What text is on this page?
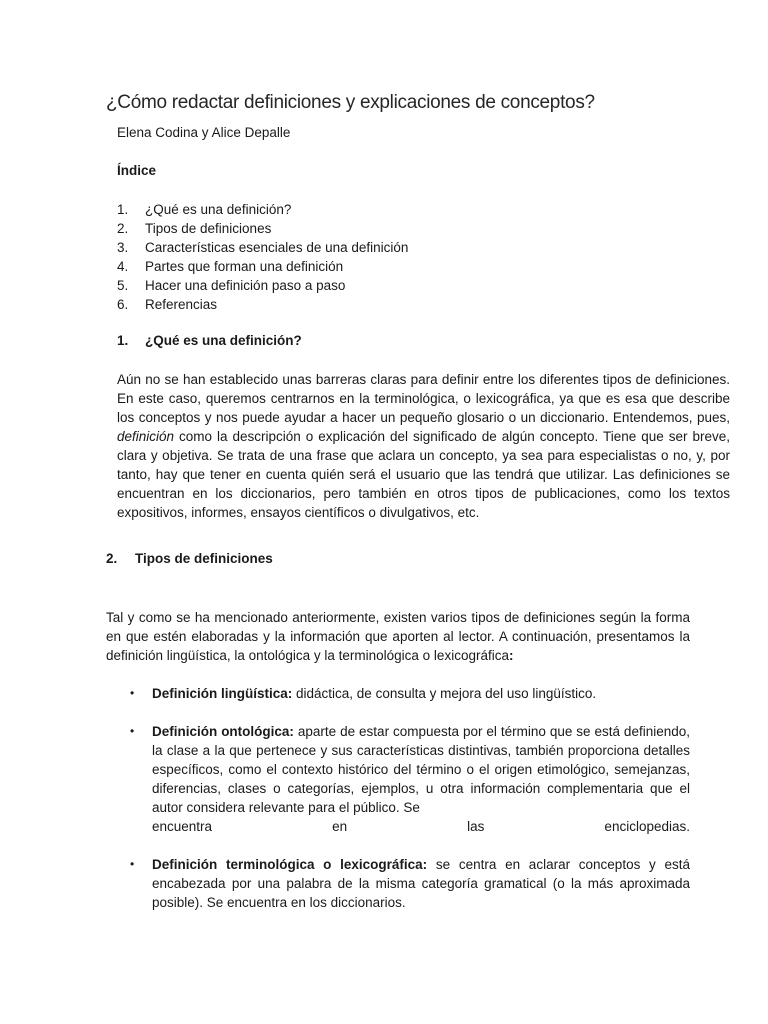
¿Cómo redactar definiciones y explicaciones de conceptos?
Elena Codina y Alice Depalle
Índice
1. ¿Qué es una definición?
2. Tipos de definiciones
3. Características esenciales de una definición
4. Partes que forman una definición
5. Hacer una definición paso a paso
6. Referencias
1. ¿Qué es una definición?

Aún no se han establecido unas barreras claras para definir entre los diferentes tipos de definiciones. En este caso, queremos centrarnos en la terminológica, o lexicográfica, ya que es esa que describe los conceptos y nos puede ayudar a hacer un pequeño glosario o un diccionario. Entendemos, pues, definición como la descripción o explicación del significado de algún concepto. Tiene que ser breve, clara y objetiva. Se trata de una frase que aclara un concepto, ya sea para especialistas o no, y, por tanto, hay que tener en cuenta quién será el usuario que las tendrá que utilizar. Las definiciones se encuentran en los diccionarios, pero también en otros tipos de publicaciones, como los textos expositivos, informes, ensayos científicos o divulgativos, etc.

2. Tipos de definiciones

Tal y como se ha mencionado anteriormente, existen varios tipos de definiciones según la forma en que estén elaboradas y la información que aporten al lector. A continuación, presentamos la definición lingüística, la ontológica y la terminológica o lexicográfica:

• Definición lingüística: didáctica, de consulta y mejora del uso lingüístico.
• Definición ontológica: aparte de estar compuesta por el término que se está definiendo, la clase a la que pertenece y sus características distintivas, también proporciona detalles específicos, como el contexto histórico del término o el origen etimológico, semejanzas, diferencias, clases o categorías, ejemplos, u otra información complementaria que el autor considera relevante para el público. Se
encuentra en las enciclopedias.
• Definición terminológica o lexicográfica: se centra en aclarar conceptos y está encabezada por una palabra de la misma categoría gramatical (o la más aproximada posible). Se encuentra en los diccionarios.
